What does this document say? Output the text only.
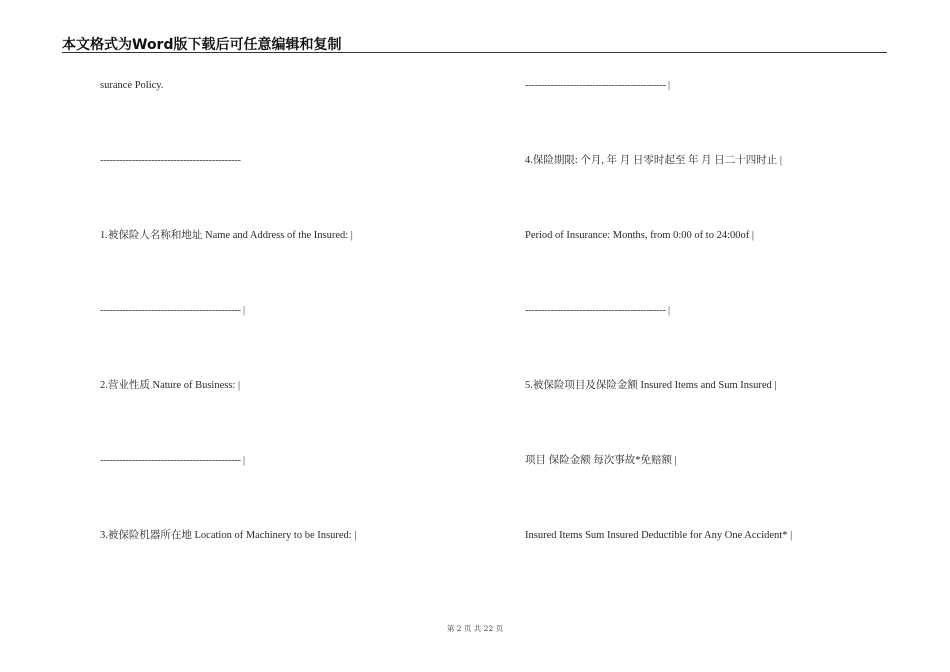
本文格式为Word版下载后可任意编辑和复制
surance Policy.
--------------------------------------------
1.被保险人名称和地址 Name and Address of the Insured: |
-------------------------------------------- |
2.营业性质 Nature of Business: |
-------------------------------------------- |
3.被保险机器所在地 Location of Machinery to be Insured: |
-------------------------------------------- |
4.保险期限: 个月, 年 月 日零时起至 年 月 日二十四时止 |
Period of Insurance: Months, from 0:00 of to 24:00of |
-------------------------------------------- |
5.被保险项目及保险金额 Insured Items and Sum Insured |
项目 保险金额 每次事故*免赔额 |
Insured Items Sum Insured Deductible for Any One Accident* |
第 2 页 共 22 页
